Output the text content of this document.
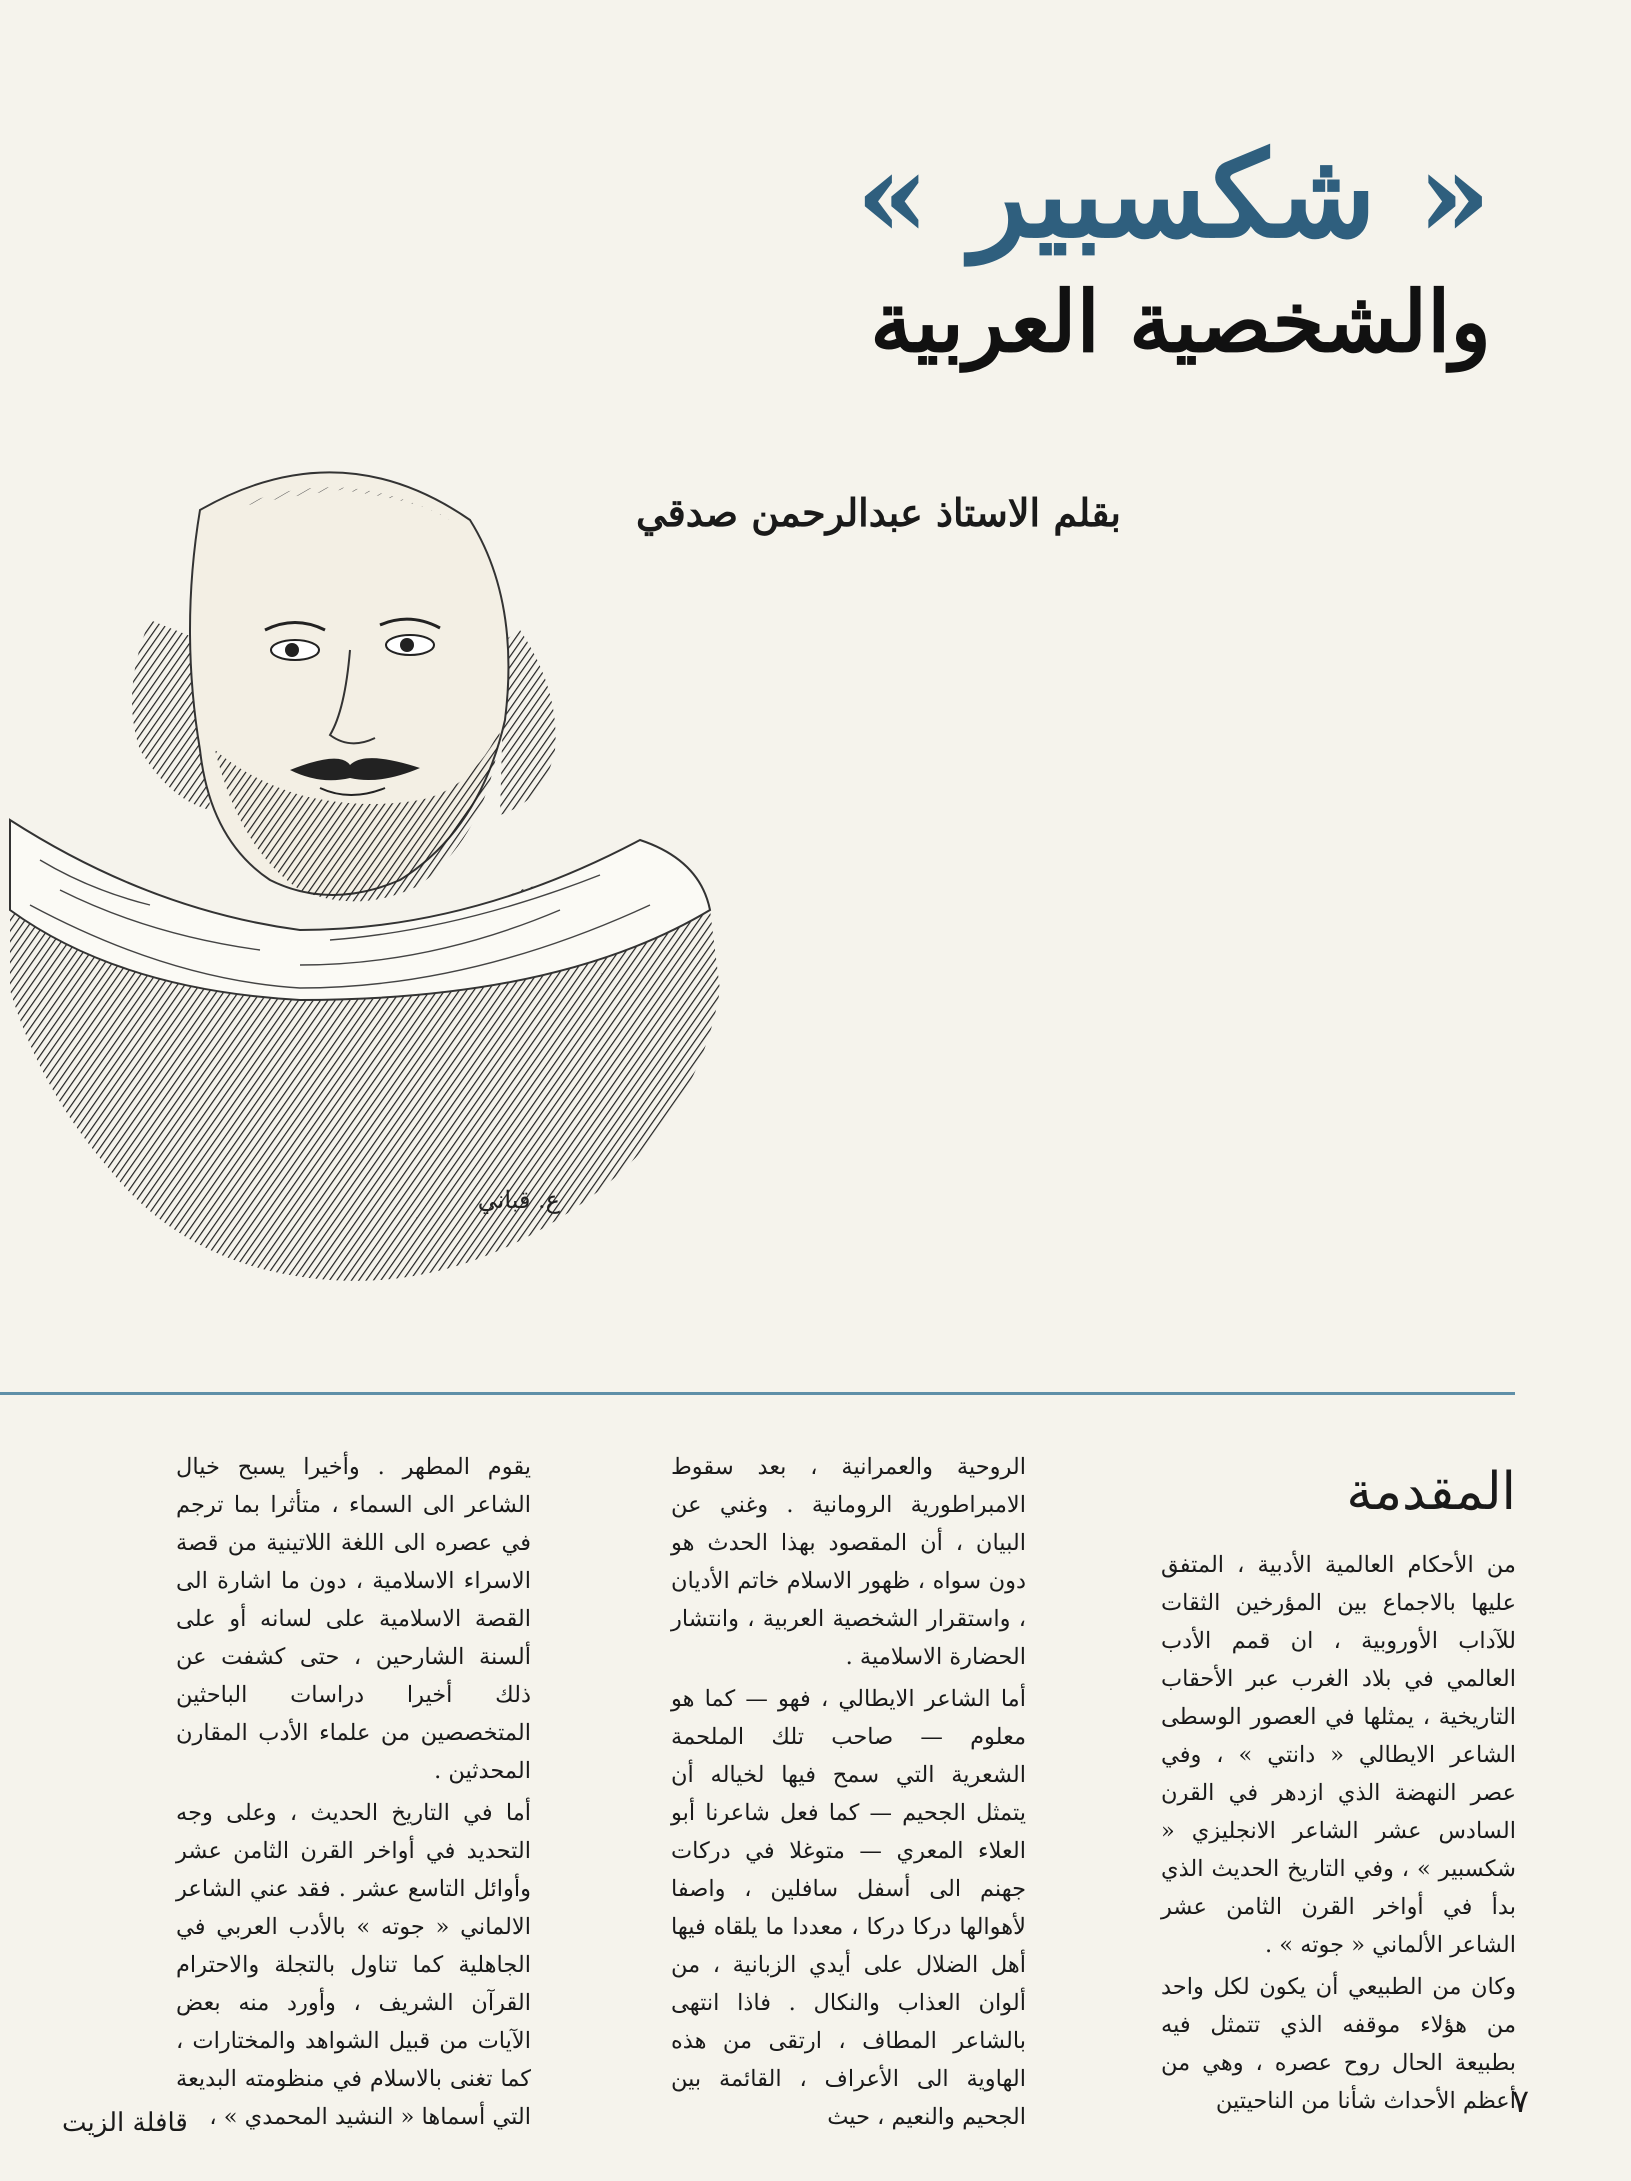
« شكسبير »
والشخصية العربية

بقلم الاستاذ عبدالرحمن صدقي

ع. قباني
المقدمة

من الأحكام العالمية الأدبية ، المتفق عليها بالاجماع بين المؤرخين الثقات للآداب الأوروبية ، ان قمم الأدب العالمي في بلاد الغرب عبر الأحقاب التاريخية ، يمثلها في العصور الوسطى الشاعر الايطالي « دانتي » ، وفي عصر النهضة الذي ازدهر في القرن السادس عشر الشاعر الانجليزي « شكسبير » ، وفي التاريخ الحديث الذي بدأ في أواخر القرن الثامن عشر الشاعر الألماني « جوته » .

وكان من الطبيعي أن يكون لكل واحد من هؤلاء موقفه الذي تتمثل فيه بطبيعة الحال روح عصره ، وهي من أعظم الأحداث شأنا من الناحيتين

الروحية والعمرانية ، بعد سقوط الامبراطورية الرومانية . وغني عن البيان ، أن المقصود بهذا الحدث هو دون سواه ، ظهور الاسلام خاتم الأديان ، واستقرار الشخصية العربية ، وانتشار الحضارة الاسلامية .

أما الشاعر الايطالي ، فهو — كما هو معلوم — صاحب تلك الملحمة الشعرية التي سمح فيها لخياله أن يتمثل الجحيم — كما فعل شاعرنا أبو العلاء المعري — متوغلا في دركات جهنم الى أسفل سافلين ، واصفا لأهوالها دركا دركا ، معددا ما يلقاه فيها أهل الضلال على أيدي الزبانية ، من ألوان العذاب والنكال . فاذا انتهى بالشاعر المطاف ، ارتقى من هذه الهاوية الى الأعراف ، القائمة بين الجحيم والنعيم ، حيث

يقوم المطهر . وأخيرا يسبح خيال الشاعر الى السماء ، متأثرا بما ترجم في عصره الى اللغة اللاتينية من قصة الاسراء الاسلامية ، دون ما اشارة الى القصة الاسلامية على لسانه أو على ألسنة الشارحين ، حتى كشفت عن ذلك أخيرا دراسات الباحثين المتخصصين من علماء الأدب المقارن المحدثين .

أما في التاريخ الحديث ، وعلى وجه التحديد في أواخر القرن الثامن عشر وأوائل التاسع عشر . فقد عني الشاعر الالماني « جوته » بالأدب العربي في الجاهلية كما تناول بالتجلة والاحترام القرآن الشريف ، وأورد منه بعض الآيات من قبيل الشواهد والمختارات ، كما تغنى بالاسلام في منظومته البديعة التي أسماها « النشيد المحمدي » ،	٧
قافلة الزيت
